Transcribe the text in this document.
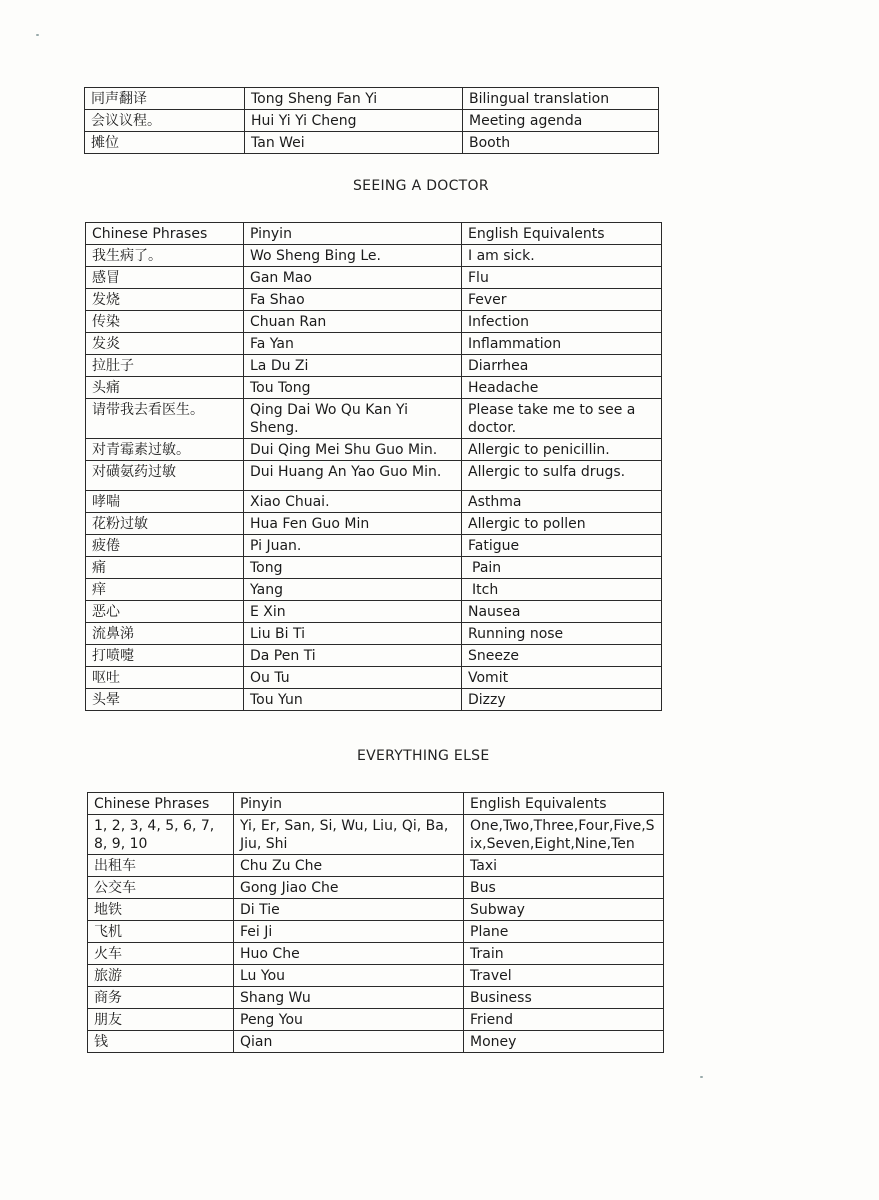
同声翻译	Tong Sheng Fan Yi	Bilingual translation
会议议程。	Hui Yi Yi Cheng	Meeting agenda
摊位	Tan Wei	Booth
SEEING A DOCTOR
Chinese Phrases	Pinyin	English Equivalents
我生病了。	Wo Sheng Bing Le.	I am sick.
感冒	Gan Mao	Flu
发烧	Fa Shao	Fever
传染	Chuan Ran	Infection
发炎	Fa Yan	Inflammation
拉肚子	La Du Zi	Diarrhea
头痛	Tou Tong	Headache
请带我去看医生。	Qing Dai Wo Qu Kan Yi Sheng.	Please take me to see a doctor.
对青霉素过敏。	Dui Qing Mei Shu Guo Min.	Allergic to penicillin.
对磺氨药过敏	Dui Huang An Yao Guo Min.	Allergic to sulfa drugs.
哮喘	Xiao Chuai.	Asthma
花粉过敏	Hua Fen Guo Min	Allergic to pollen
疲倦	Pi Juan.	Fatigue
痛	Tong	Pain
痒	Yang	Itch
恶心	E Xin	Nausea
流鼻涕	Liu Bi Ti	Running nose
打喷嚏	Da Pen Ti	Sneeze
呕吐	Ou Tu	Vomit
头晕	Tou Yun	Dizzy
EVERYTHING ELSE
Chinese Phrases	Pinyin	English Equivalents
1, 2, 3, 4, 5, 6, 7, 8, 9, 10	Yi, Er, San, Si, Wu, Liu, Qi, Ba, Jiu, Shi	One,Two,Three,Four,Five,Six,Seven,Eight,Nine,Ten
出租车	Chu Zu Che	Taxi
公交车	Gong Jiao Che	Bus
地铁	Di Tie	Subway
飞机	Fei Ji	Plane
火车	Huo Che	Train
旅游	Lu You	Travel
商务	Shang Wu	Business
朋友	Peng You	Friend
钱	Qian	Money
